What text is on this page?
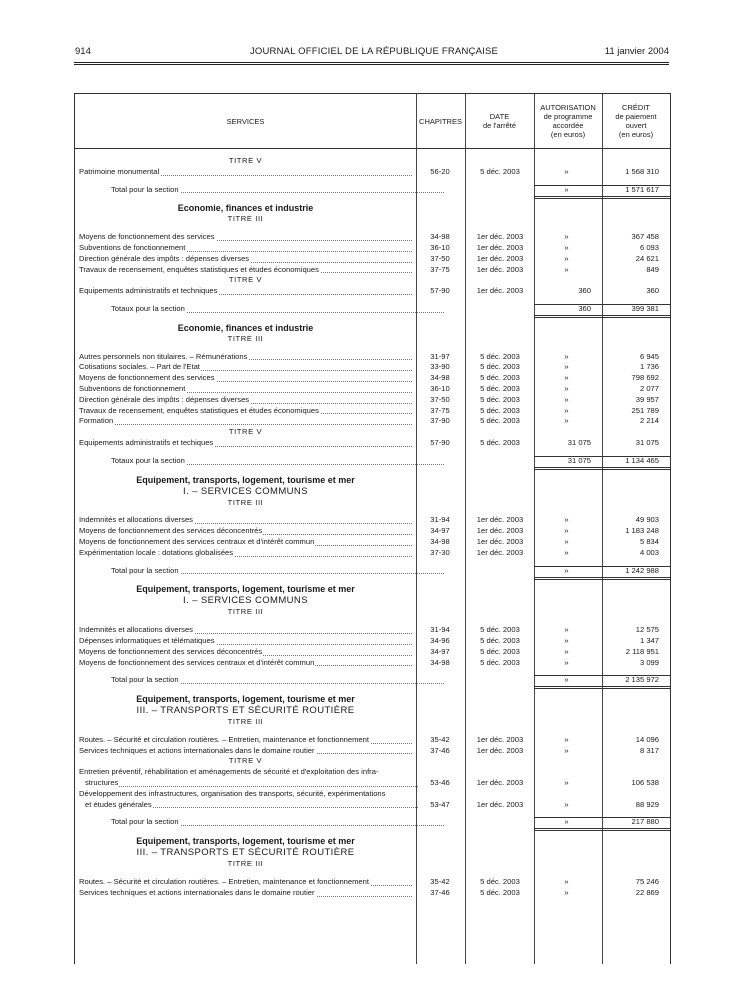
914	JOURNAL OFFICIEL DE LA RÉPUBLIQUE FRANÇAISE	11 janvier 2004
SERVICES	CHAPITRES	DATE
de l'arrêté
AUTORISATION
de programme
accordée
(en euros)
CRÉDIT
de paiement
ouvert
(en euros)
TITRE V
Patrimoine monumental	56-20	5 déc. 2003	»	1 568 310
Total pour la section	»	1 571 617
Economie, finances et industrie
TITRE III
Moyens de fonctionnement des services	34-98	1er déc. 2003	»	367 458
Subventions de fonctionnement	36-10	1er déc. 2003	»	6 093
Direction générale des impôts : dépenses diverses	37-50	1er déc. 2003	»	24 621
Travaux de recensement, enquêtes statistiques et études économiques	37-75	1er déc. 2003	»	849
TITRE V
Equipements administratifs et techniques	57-90	1er déc. 2003	360	360
Totaux pour la section	360	399 381
Economie, finances et industrie
TITRE III
Autres personnels non titulaires. – Rémunérations	31-97	5 déc. 2003	»	6 945
Cotisations sociales. – Part de l'Etat	33-90	5 déc. 2003	»	1 736
Moyens de fonctionnement des services	34-98	5 déc. 2003	»	798 692
Subventions de fonctionnement	36-10	5 déc. 2003	»	2 077
Direction générale des impôts : dépenses diverses	37-50	5 déc. 2003	»	39 957
Travaux de recensement, enquêtes statistiques et études économiques	37-75	5 déc. 2003	»	251 789
Formation	37-90	5 déc. 2003	»	2 214
TITRE V
Equipements administratifs et techiques	57-90	5 déc. 2003	31 075	31 075
Totaux pour la section	31 075	1 134 465
Equipement, transports, logement, tourisme et mer
I. – SERVICES COMMUNS
TITRE III
Indemnités et allocations diverses	31-94	1er déc. 2003	»	49 903
Moyens de fonctionnement des services déconcentrés	34-97	1er déc. 2003	»	1 183 248
Moyens de fonctionnement des services centraux et d'intérêt commun	34-98	1er déc. 2003	»	5 834
Expérimentation locale : dotations globalisées	37-30	1er déc. 2003	»	4 003
Total pour la section	»	1 242 988
Equipement, transports, logement, tourisme et mer
I. – SERVICES COMMUNS
TITRE III
Indemnités et allocations diverses	31-94	5 déc. 2003	»	12 575
Dépenses informatiques et télématiques	34-96	5 déc. 2003	»	1 347
Moyens de fonctionnement des services déconcentrés	34-97	5 déc. 2003	»	2 118 951
Moyens de fonctionnement des services centraux et d'intérêt commun	34-98	5 déc. 2003	»	3 099
Total pour la section	»	2 135 972
Equipement, transports, logement, tourisme et mer
III. – TRANSPORTS ET SÉCURITÉ ROUTIÈRE
TITRE III
Routes. – Sécurité et circulation routières. – Entretien, maintenance et fonctionnement	35-42	1er déc. 2003	»	14 096
Services techniques et actions internationales dans le domaine routier	37-46	1er déc. 2003	»	8 317
TITRE V
Entretien préventif, réhabilitation et aménagements de sécurité et d'exploitation des infra-
structures	53-46	1er déc. 2003	»	106 538
Développement des infrastructures, organisation des transports, sécurité, expérimentations
et études générales	53-47	1er déc. 2003	»	88 929
Total pour la section	»	217 880
Equipement, transports, logement, tourisme et mer
III. – TRANSPORTS ET SÉCURITÉ ROUTIÈRE
TITRE III
Routes. – Sécurité et circulation routières. – Entretien, maintenance et fonctionnement	35-42	5 déc. 2003	»	75 246
Services techniques et actions internationales dans le domaine routier	37-46	5 déc. 2003	»	22 869
